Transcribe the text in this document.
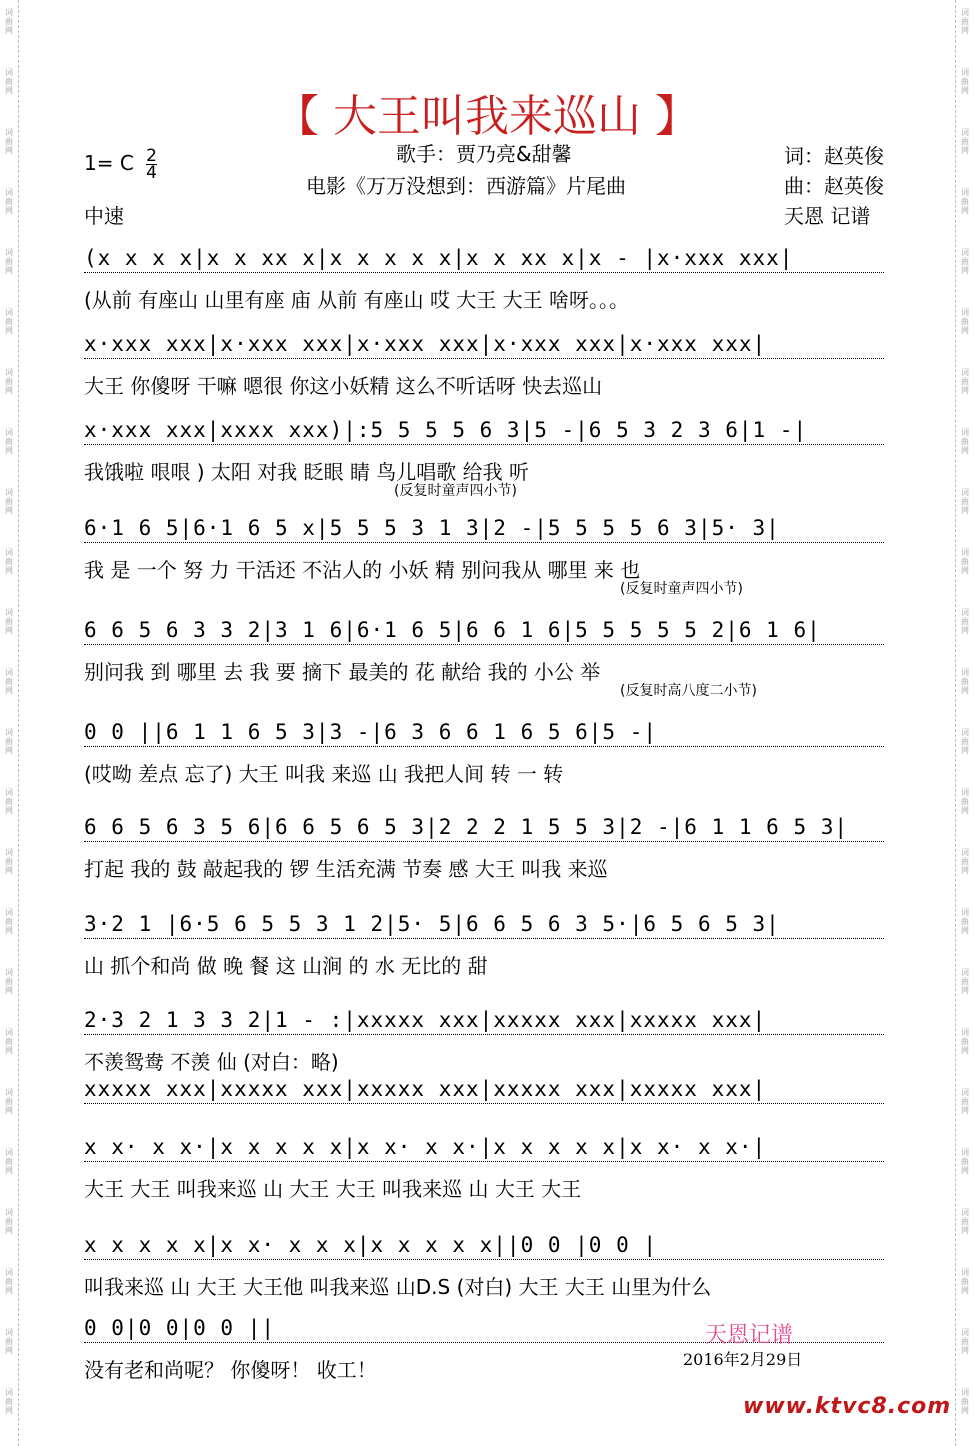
词
曲
网
词
曲
网
词
曲
网
词
曲
网
词
曲
网
词
曲
网
词
曲
网
词
曲
网
词
曲
网
词
曲
网
词
曲
网
词
曲
网
词
曲
网
词
曲
网
词
曲
网
词
曲
网
词
曲
网
词
曲
网
词
曲
网
词
曲
网
词
曲
网
词
曲
网
词
曲
网
词
曲
网
词
曲
网
词
曲
网
词
曲
网
词
曲
网
词
曲
网
词
曲
网
词
曲
网
词
曲
网
词
曲
网
词
曲
网
词
曲
网
词
曲
网
词
曲
网
词
曲
网
词
曲
网
词
曲
网
词
曲
网
词
曲
网
词
曲
网
词
曲
网
词
曲
网
词
曲
网
词
曲
网
词
曲
网
【 大王叫我来巡山 】
1= C $\frac{2}{4}$
中速
歌手：贾乃亮&甜馨
电影《万万没想到：西游篇》片尾曲
词：赵英俊
曲：赵英俊
天恩 记谱
(x x x x|x x xx x|x x x x x|x x xx x|x - |x·xxx xxx|
(从前 有座山 山里有座 庙 从前 有座山 哎 大王 大王 啥呀。。。
x·xxx xxx|x·xxx xxx|x·xxx xxx|x·xxx xxx|x·xxx xxx|
大王 你傻呀 干嘛 嗯很 你这小妖精 这么不听话呀 快去巡山
x·xxx xxx|xxxx xxx)|:5 5 5 5 6 3|5 -|6 5 3 2 3 6|1 -|
我饿啦 哏哏 ) 太阳 对我 眨眼 睛 鸟儿唱歌 给我 听
(反复时童声四小节)
6·1 6 5|6·1 6 5 x|5 5 5 3 1 3|2 -|5 5 5 5 6 3|5· 3|
我 是 一个 努 力 干活还 不沾人的 小妖 精 别问我从 哪里 来 也
(反复时童声四小节)
6 6 5 6 3 3 2|3 1 6|6·1 6 5|6 6 1 6|5 5 5 5 5 2|6 1 6|
别问我 到 哪里 去 我 要 摘下 最美的 花 献给 我的 小公 举
(反复时高八度二小节)
0 0 ||6 1 1 6 5 3|3 -|6 3 6 6 1 6 5 6|5 -|
(哎呦 差点 忘了) 大王 叫我 来巡 山 我把人间 转 一 转
6 6 5 6 3 5 6|6 6 5 6 5 3|2 2 2 1 5 5 3|2 -|6 1 1 6 5 3|
打起 我的 鼓 敲起我的 锣 生活充满 节奏 感 大王 叫我 来巡
3·2 1 |6·5 6 5 5 3 1 2|5· 5|6 6 5 6 3 5·|6 5 6 5 3|
山 抓个和尚 做 晚 餐 这 山涧 的 水 无比的 甜
2·3 2 1 3 3 2|1 - :|xxxxx xxx|xxxxx xxx|xxxxx xxx|
不羡鸳鸯 不羡 仙 (对白：略)
xxxxx xxx|xxxxx xxx|xxxxx xxx|xxxxx xxx|xxxxx xxx|
x x· x x·|x x x x x|x x· x x·|x x x x x|x x· x x·|
大王 大王 叫我来巡 山 大王 大王 叫我来巡 山 大王 大王
x x x x x|x x· x x x|x x x x x||0 0 |0 0 |
叫我来巡 山 大王 大王他 叫我来巡 山D.S (对白) 大王 大王 山里为什么
0 0|0 0|0 0 ||
没有老和尚呢？ 你傻呀！ 收工！
天恩记谱
2016年2月29日
www.ktvc8.com
